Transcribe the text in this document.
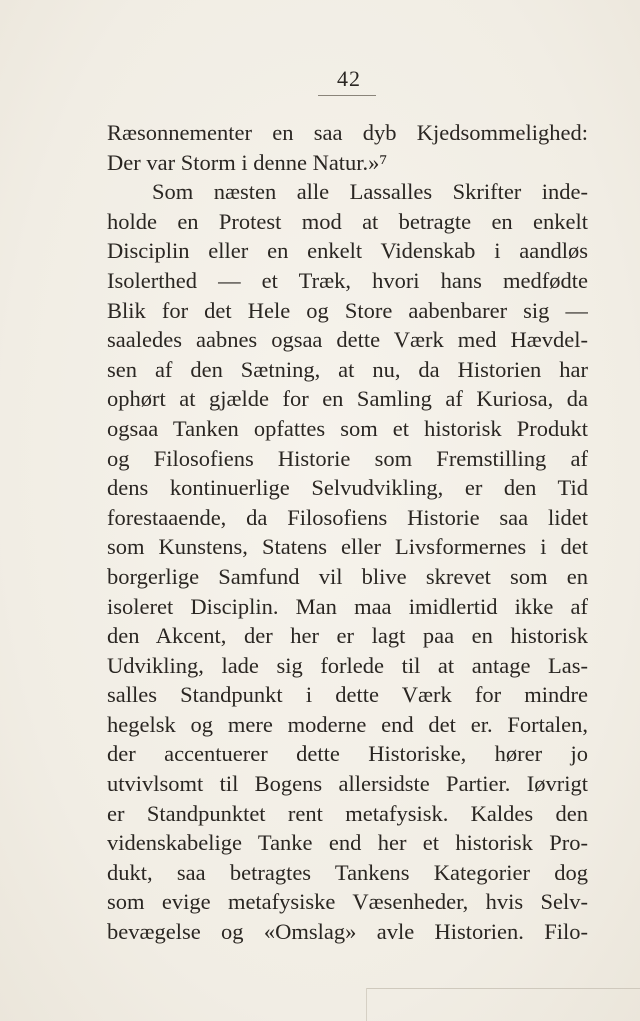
42
Ræsonnementer en saa dyb Kjedsommelighed:
Der var Storm i denne Natur.»⁷
Som næsten alle Lassalles Skrifter inde-
holde en Protest mod at betragte en enkelt
Disciplin eller en enkelt Videnskab i aandløs
Isolerthed — et Træk, hvori hans medfødte
Blik for det Hele og Store aabenbarer sig —
saaledes aabnes ogsaa dette Værk med Hævdel-
sen af den Sætning, at nu, da Historien har
ophørt at gjælde for en Samling af Kuriosa, da
ogsaa Tanken opfattes som et historisk Produkt
og Filosofiens Historie som Fremstilling af
dens kontinuerlige Selvudvikling, er den Tid
forestaaende, da Filosofiens Historie saa lidet
som Kunstens, Statens eller Livsformernes i det
borgerlige Samfund vil blive skrevet som en
isoleret Disciplin. Man maa imidlertid ikke af
den Akcent, der her er lagt paa en historisk
Udvikling, lade sig forlede til at antage Las-
salles Standpunkt i dette Værk for mindre
hegelsk og mere moderne end det er. Fortalen,
der accentuerer dette Historiske, hører jo
utvivlsomt til Bogens allersidste Partier. Iøvrigt
er Standpunktet rent metafysisk. Kaldes den
videnskabelige Tanke end her et historisk Pro-
dukt, saa betragtes Tankens Kategorier dog
som evige metafysiske Væsenheder, hvis Selv-
bevægelse og «Omslag» avle Historien. Filo-
